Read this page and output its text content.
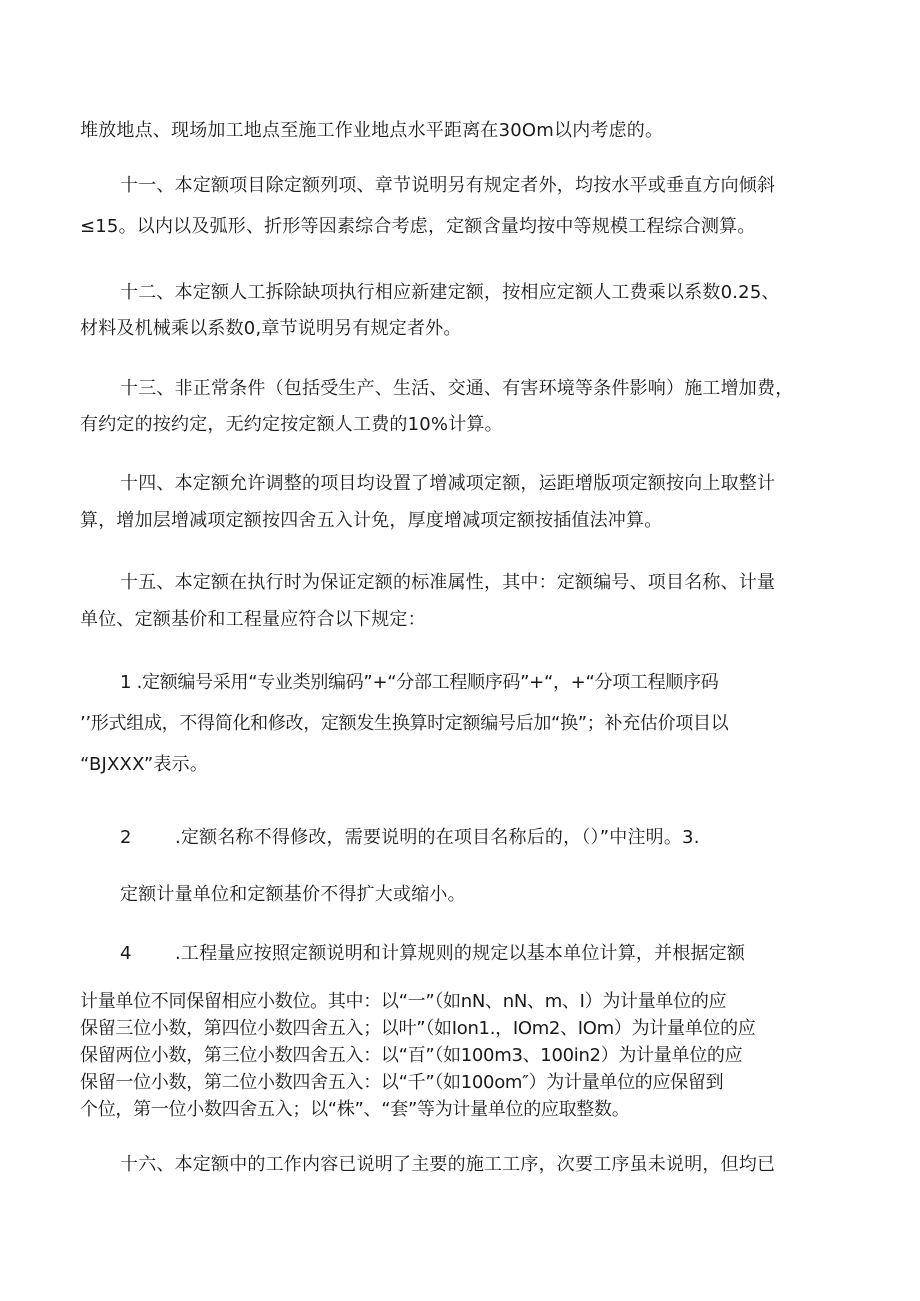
堆放地点、现场加工地点至施工作业地点水平距离在30Om以内考虑的。
十一、本定额项目除定额列项、章节说明另有规定者外，均按水平或垂直方向倾斜
≤15。以内以及弧形、折形等因素综合考虑，定额含量均按中等规模工程综合测算。
十二、本定额人工拆除缺项执行相应新建定额，按相应定额人工费乘以系数0.25、
材料及机械乘以系数0,章节说明另有规定者外。
十三、非正常条件（包括受生产、生活、交通、有害环境等条件影响）施工增加费，
有约定的按约定，无约定按定额人工费的10%计算。
十四、本定额允许调整的项目均设置了增减项定额，运距增版项定额按向上取整计
算，增加层增减项定额按四舍五入计免，厚度增减项定额按插值法冲算。
十五、本定额在执行时为保证定额的标准属性，其中：定额编号、项目名称、计量
单位、定额基价和工程量应符合以下规定：
1 .定额编号采用“专业类别编码”+“分部工程顺序码”+“，+“分项工程顺序码
’’形式组成，不得简化和修改，定额发生换算时定额编号后加“换”；补充估价项目以
“BJXXX”表示。
2 .定额名称不得修改，需要说明的在项目名称后的，（）”中注明。3.
定额计量单位和定额基价不得扩大或缩小。
4 .工程量应按照定额说明和计算规则的规定以基本单位计算，并根据定额
计量单位不同保留相应小数位。其中：以“一”（如nN、nN、m、I）为计量单位的应
保留三位小数，第四位小数四舍五入；以叶”（如Ion1.，IOm2、IOm）为计量单位的应
保留两位小数，第三位小数四舍五入：以“百”（如100m3、100in2）为计量单位的应
保留一位小数，第二位小数四舍五入：以“千”（如100om″）为计量单位的应保留到
个位，第一位小数四舍五入；以“株”、“套”等为计量单位的应取整数。
十六、本定额中的工作内容已说明了主要的施工工序，次要工序虽未说明，但均已
